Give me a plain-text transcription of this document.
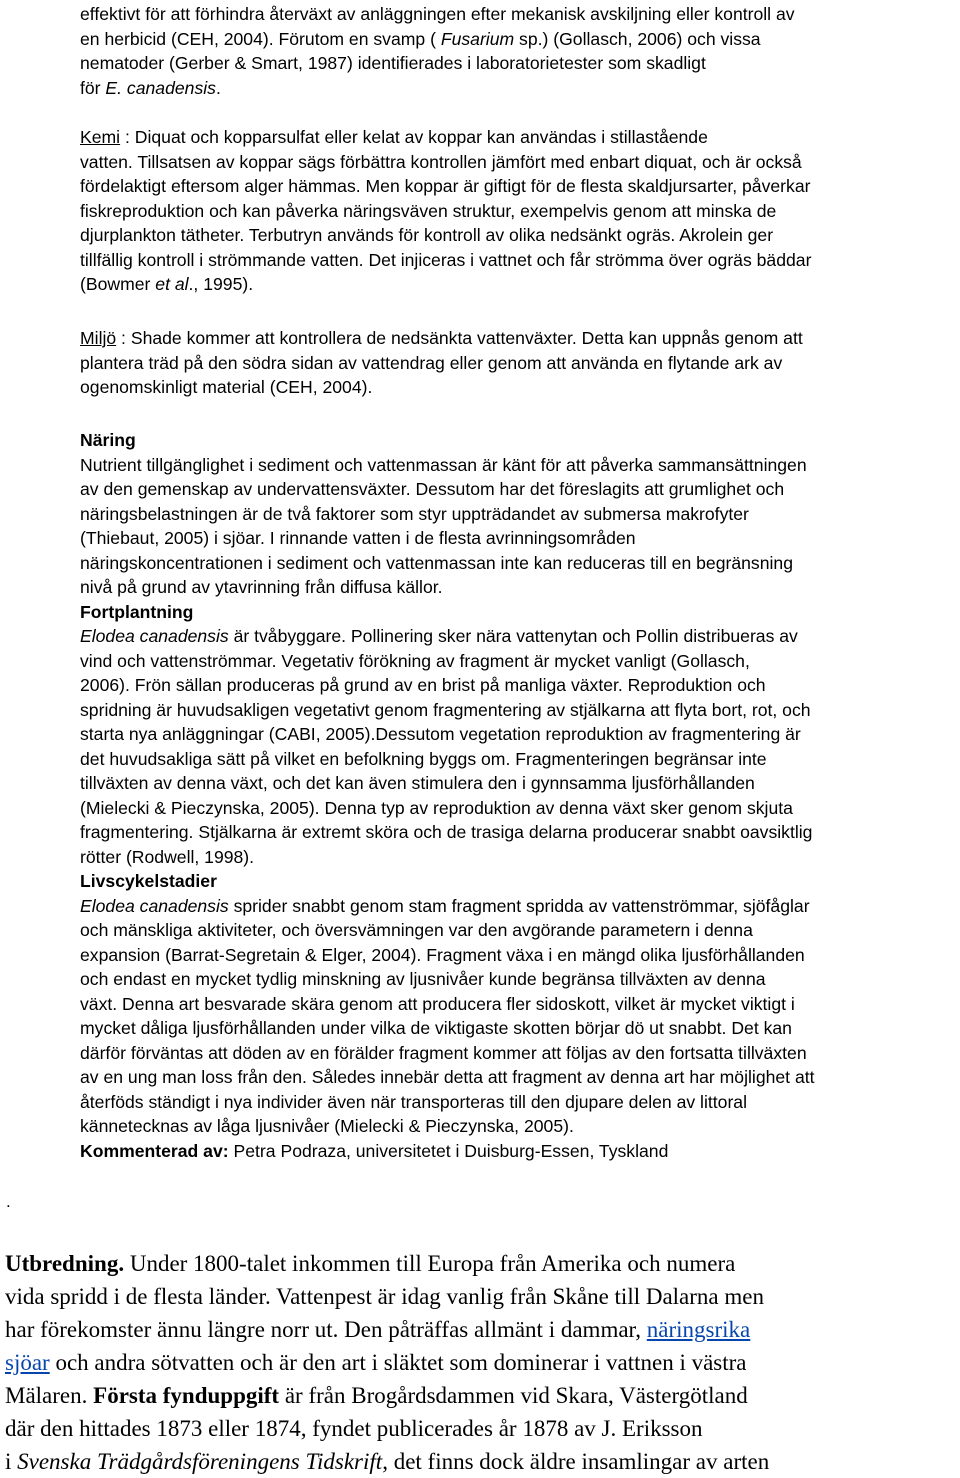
effektivt för att förhindra återväxt av anläggningen efter mekanisk avskiljning eller kontroll av
en herbicid (CEH, 2004). Förutom en svamp ( Fusarium sp.) (Gollasch, 2006) och vissa
nematoder (Gerber & Smart, 1987) identifierades i laboratorietester som skadligt
för E. canadensis.

Kemi : Diquat och kopparsulfat eller kelat av koppar kan användas i stillastående
vatten. Tillsatsen av koppar sägs förbättra kontrollen jämfört med enbart diquat, och är också
fördelaktigt eftersom alger hämmas. Men koppar är giftigt för de flesta skaldjursarter, påverkar
fiskreproduktion och kan påverka näringsväven struktur, exempelvis genom att minska de
djurplankton tätheter. Terbutryn används för kontroll av olika nedsänkt ogräs. Akrolein ger
tillfällig kontroll i strömmande vatten. Det injiceras i vattnet och får strömma över ogräs bäddar
(Bowmer et al., 1995).

Miljö : Shade kommer att kontrollera de nedsänkta vattenväxter. Detta kan uppnås genom att
plantera träd på den södra sidan av vattendrag eller genom att använda en flytande ark av
ogenomskinligt material (CEH, 2004).

Näring
Nutrient tillgänglighet i sediment och vattenmassan är känt för att påverka sammansättningen
av den gemenskap av undervattensväxter. Dessutom har det föreslagits att grumlighet och
näringsbelastningen är de två faktorer som styr uppträdandet av submersa makrofyter
(Thiebaut, 2005) i sjöar. I rinnande vatten i de flesta avrinningsområden
näringskoncentrationen i sediment och vattenmassan inte kan reduceras till en begränsning
nivå på grund av ytavrinning från diffusa källor.
Fortplantning
Elodea canadensis är tvåbyggare. Pollinering sker nära vattenytan och Pollin distribueras av
vind och vattenströmmar. Vegetativ förökning av fragment är mycket vanligt (Gollasch,
2006). Frön sällan produceras på grund av en brist på manliga växter. Reproduktion och
spridning är huvudsakligen vegetativt genom fragmentering av stjälkarna att flyta bort, rot, och
starta nya anläggningar (CABI, 2005).Dessutom vegetation reproduktion av fragmentering är
det huvudsakliga sätt på vilket en befolkning byggs om. Fragmenteringen begränsar inte
tillväxten av denna växt, och det kan även stimulera den i gynnsamma ljusförhållanden
(Mielecki & Pieczynska, 2005). Denna typ av reproduktion av denna växt sker genom skjuta
fragmentering. Stjälkarna är extremt sköra och de trasiga delarna producerar snabbt oavsiktlig
rötter (Rodwell, 1998).
Livscykelstadier
Elodea canadensis sprider snabbt genom stam fragment spridda av vattenströmmar, sjöfåglar
och mänskliga aktiviteter, och översvämningen var den avgörande parametern i denna
expansion (Barrat-Segretain & Elger, 2004). Fragment växa i en mängd olika ljusförhållanden
och endast en mycket tydlig minskning av ljusnivåer kunde begränsa tillväxten av denna
växt. Denna art besvarade skära genom att producera fler sidoskott, vilket är mycket viktigt i
mycket dåliga ljusförhållanden under vilka de viktigaste skotten börjar dö ut snabbt. Det kan
därför förväntas att döden av en förälder fragment kommer att följas av den fortsatta tillväxten
av en ung man loss från den. Således innebär detta att fragment av denna art har möjlighet att
återföds ständigt i nya individer även när transporteras till den djupare delen av littoral
kännetecknas av låga ljusnivåer (Mielecki & Pieczynska, 2005).
Kommenterad av: Petra Podraza, universitetet i Duisburg-Essen, Tyskland

.

Utbredning. Under 1800-talet inkommen till Europa från Amerika och numera
vida spridd i de flesta länder. Vattenpest är idag vanlig från Skåne till Dalarna men
har förekomster ännu längre norr ut. Den påträffas allmänt i dammar, näringsrika
sjöar och andra sötvatten och är den art i släktet som dominerar i vattnen i västra
Mälaren. Första fynduppgift är från Brogårdsdammen vid Skara, Västergötland
där den hittades 1873 eller 1874, fyndet publicerades år 1878 av J. Eriksson
i Svenska Trädgårdsföreningens Tidskrift, det finns dock äldre insamlingar av arten
